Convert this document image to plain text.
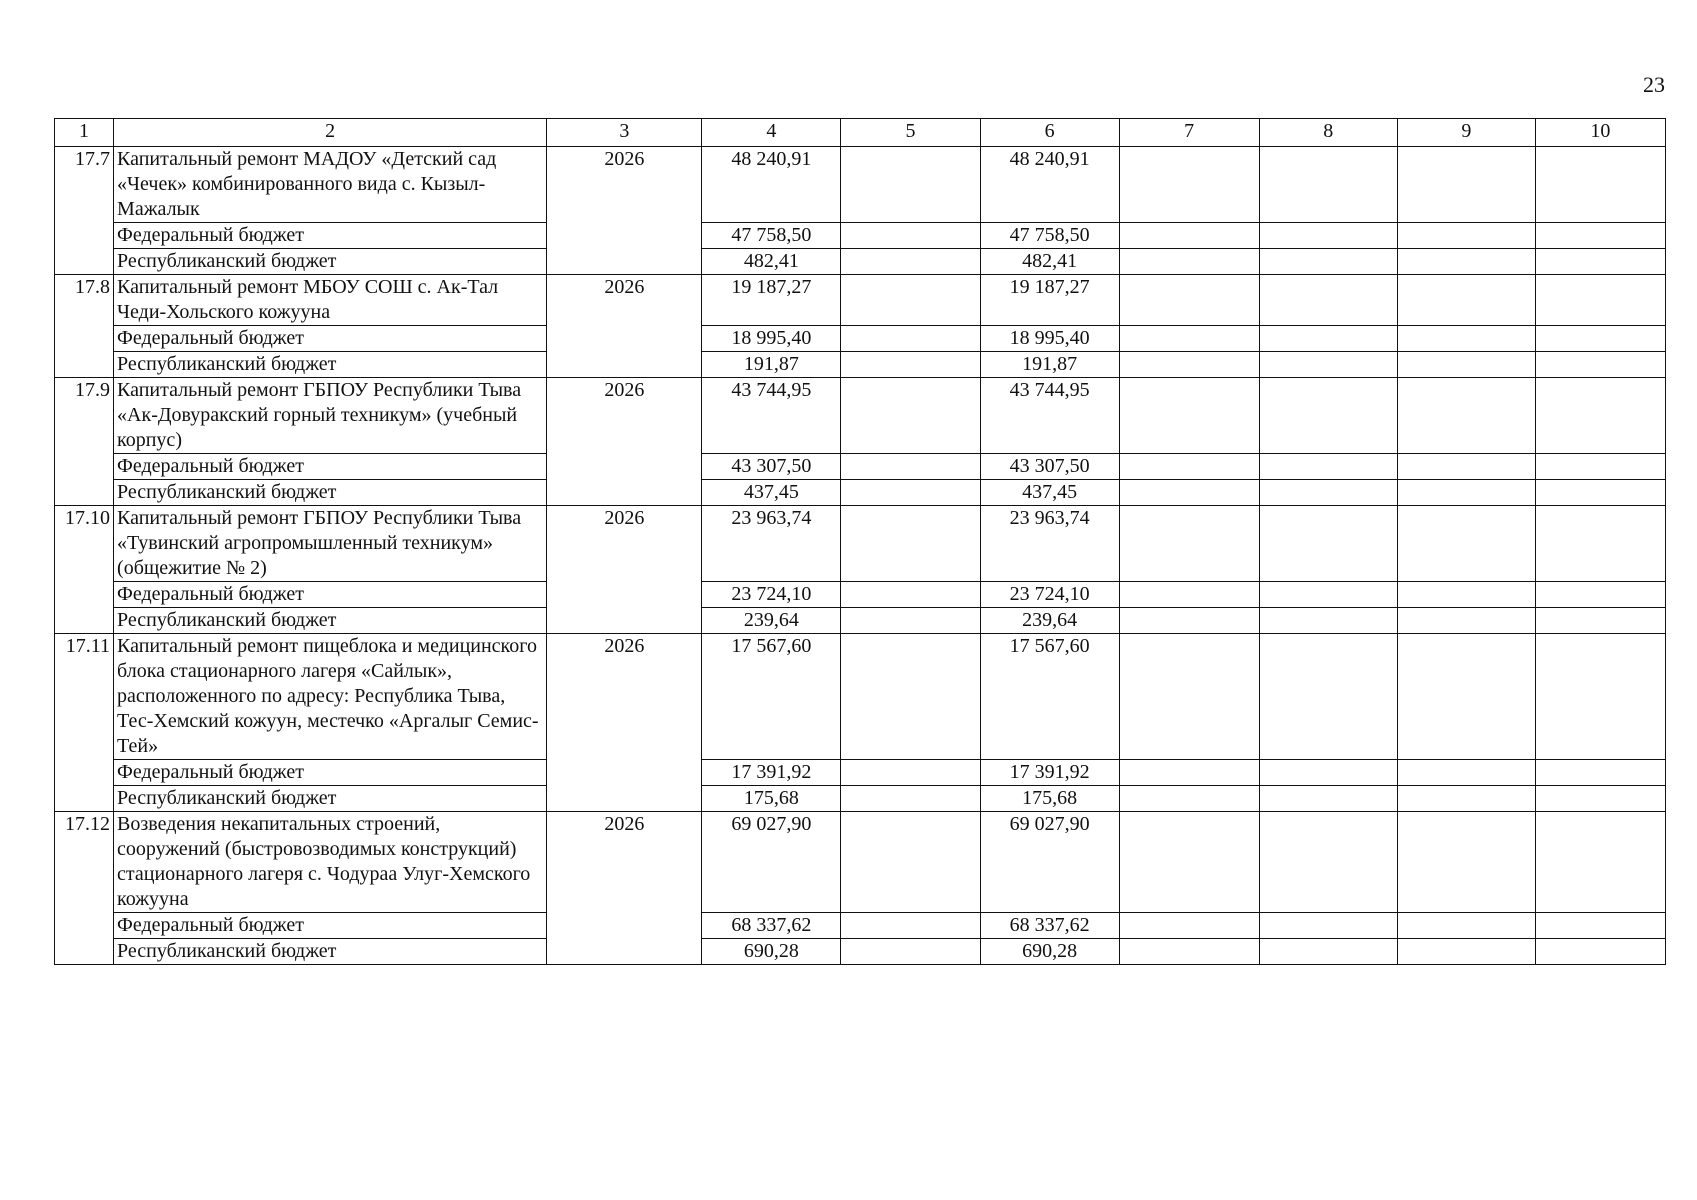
23
1	2	3	4	5	6	7	8	9	10
17.7	Капитальный ремонт МАДОУ «Детский сад «Чечек» комбинированного вида с. Кызыл-Мажалык	2026	48 240,91		48 240,91				
	Федеральный бюджет		47 758,50		47 758,50				
	Республиканский бюджет		482,41		482,41				
17.8	Капитальный ремонт МБОУ СОШ с. Ак-Тал Чеди-Хольского кожууна	2026	19 187,27		19 187,27				
	Федеральный бюджет		18 995,40		18 995,40				
	Республиканский бюджет		191,87		191,87				
17.9	Капитальный ремонт ГБПОУ Республики Тыва «Ак-Довуракский горный техникум» (учебный корпус)	2026	43 744,95		43 744,95				
	Федеральный бюджет		43 307,50		43 307,50				
	Республиканский бюджет		437,45		437,45				
17.10	Капитальный ремонт ГБПОУ Республики Тыва «Тувинский агропромышленный техникум» (общежитие № 2)	2026	23 963,74		23 963,74				
	Федеральный бюджет		23 724,10		23 724,10				
	Республиканский бюджет		239,64		239,64				
17.11	Капитальный ремонт пищеблока и медицинского блока стационарного лагеря «Сайлык», расположенного по адресу: Республика Тыва, Тес-Хемский кожуун, местечко «Аргалыг Семис-Тей»	2026	17 567,60		17 567,60				
	Федеральный бюджет		17 391,92		17 391,92				
	Республиканский бюджет		175,68		175,68				
17.12	Возведения некапитальных строений, сооружений (быстровозводимых конструкций) стационарного лагеря с. Чодураа Улуг-Хемского кожууна	2026	69 027,90		69 027,90				
	Федеральный бюджет		68 337,62		68 337,62				
	Республиканский бюджет		690,28		690,28				
